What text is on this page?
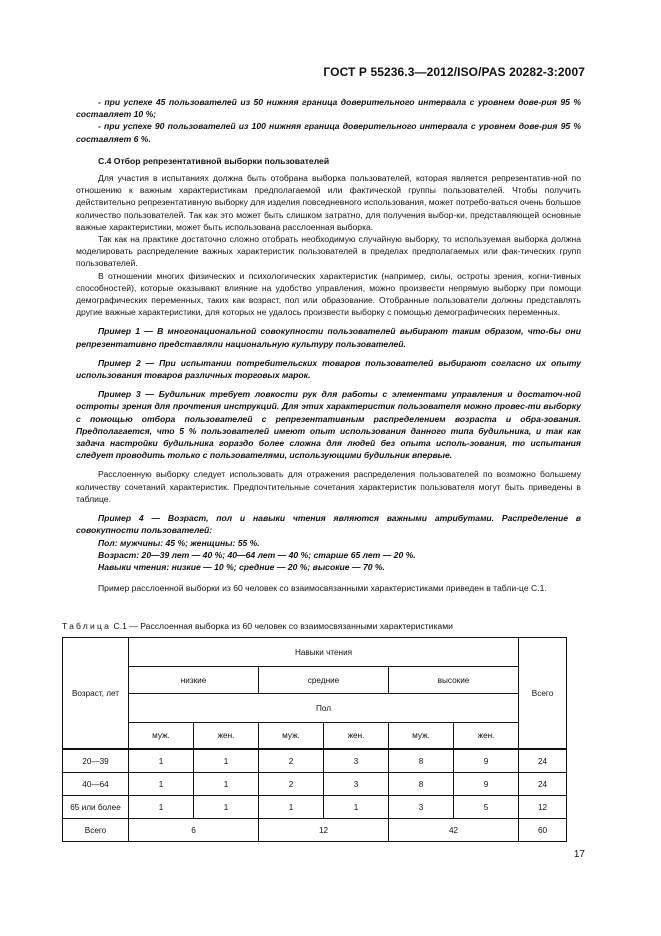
ГОСТ Р 55236.3—2012/ISO/PAS 20282-3:2007

- при успехе 45 пользователей из 50 нижняя граница доверительного интервала с уровнем дове-рия 95 % составляет 10 %;

- при успехе 90 пользователей из 100 нижняя граница доверительного интервала с уровнем дове-рия 95 % составляет 6 %.

С.4 Отбор репрезентативной выборки пользователей

Для участия в испытаниях должна быть отобрана выборка пользователей, которая является репрезентатив-ной по отношению к важным характеристикам предполагаемой или фактической группы пользователей. Чтобы получить действительно репрезентативную выборку для изделия повседневного использования, может потребо-ваться очень большое количество пользователей. Так как это может быть слишком затратно, для получения выбор-ки, представляющей основные важные характеристики, может быть использована расслоенная выборка.

Так как на практике достаточно сложно отобрать необходимую случайную выборку, то используемая выборка должна моделировать распределение важных характеристик пользователей в пределах предполагаемых или фак-тических групп пользователей.

В отношении многих физических и психологических характеристик (например, силы, остроты зрения, когни-тивных способностей), которые оказывают влияние на удобство управления, можно произвести непрямую выборку при помощи демографических переменных, таких как возраст, пол или образование. Отобранные пользователи должны представлять другие важные характеристики, для которых не удалось произвести выборку с помощью демографических переменных.

Пример 1 — В многонациональной совокупности пользователей выбирают таким образом, что-бы они репрезентативно представляли национальную культуру пользователей.

Пример 2 — При испытании потребительских товаров пользователей выбирают согласно их опыту использования товаров различных торговых марок.

Пример 3 — Будильник требует ловкости рук для работы с элементами управления и достаточ-ной остроты зрения для прочтения инструкций. Для этих характеристик пользователя можно провес-ти выборку с помощью отбора пользователей с репрезентативным распределением возраста и обра-зования. Предполагается, что 5 % пользователей имеют опыт использования данного типа будильника, и так как задача настройки будильника гораздо более сложна для людей без опыта исполь-зования, то испытания следует проводить только с пользователями, использующими будильник впервые.

Расслоенную выборку следует использовать для отражения распределения пользователей по возможно большему количеству сочетаний характеристик. Предпочтительные сочетания характеристик пользователя могут быть приведены в таблице.

Пример 4 — Возраст, пол и навыки чтения являются важными атрибутами. Распределение в совокупности пользователей:

Пол: мужчины: 45 %; женщины: 55 %.

Возраст: 20—39 лет — 40 %; 40—64 лет — 40 %; старше 65 лет — 20 %.

Навыки чтения: низкие — 10 %; средние — 20 %; высокие — 70 %.

Пример расслоенной выборки из 60 человек со взаимосвязанными характеристиками приведен в табли-це С.1.

Таблица С.1 — Расслоенная выборка из 60 человек со взаимосвязанными характеристиками
Возраст, лет	Навыки чтения						Всего
	низкие		средние		высокие		
	Пол						
	муж.	жен.	муж.	жен.	муж.	жен.	
20—39	1	1	2	3	8	9	24
40—64	1	1	2	3	8	9	24
65 или более	1	1	1	1	3	5	12
Всего	6		12		42		60
17
